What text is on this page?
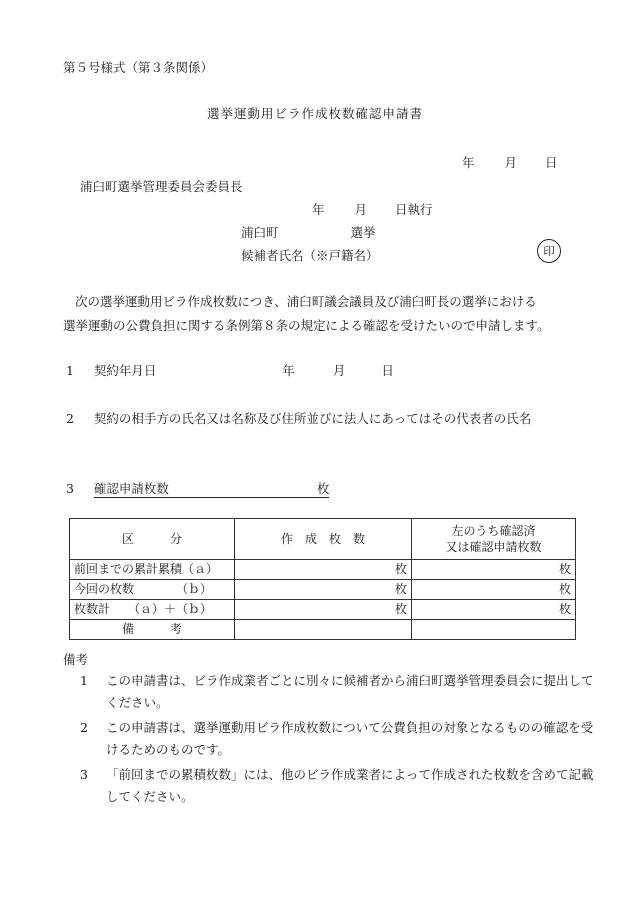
第５号様式（第３条関係）
選挙運動用ビラ作成枚数確認申請書
年 月 日
浦臼町選挙管理委員会委員長
年 月 日執行
浦臼町	選挙
候補者氏名（※戸籍名）	印

次の選挙運動用ビラ作成枚数につき、浦臼町議会議員及び浦臼町長の選挙における

選挙運動の公費負担に関する条例第８条の規定による確認を受けたいので申請します。

1 契約年月日	年	月	日
2 契約の相手方の氏名又は名称及び住所並びに法人にあってはその代表者の氏名
3 確認申請枚数	枚
区　　　分	作　成　枚　数	左のうち確認済
又は確認申請枚数

前回までの累計累積（ａ）	枚	枚
今回の枚数　　　　（ｂ）	枚	枚
枚数計　　（ａ）＋（ｂ）	枚	枚
備　　　考		
備考
1	この申請書は、ビラ作成業者ごとに別々に候補者から浦臼町選挙管理委員会に提出してください。
2	この申請書は、選挙運動用ビラ作成枚数について公費負担の対象となるものの確認を受けるためのものです。
3	「前回までの累積枚数」には、他のビラ作成業者によって作成された枚数を含めて記載してください。
